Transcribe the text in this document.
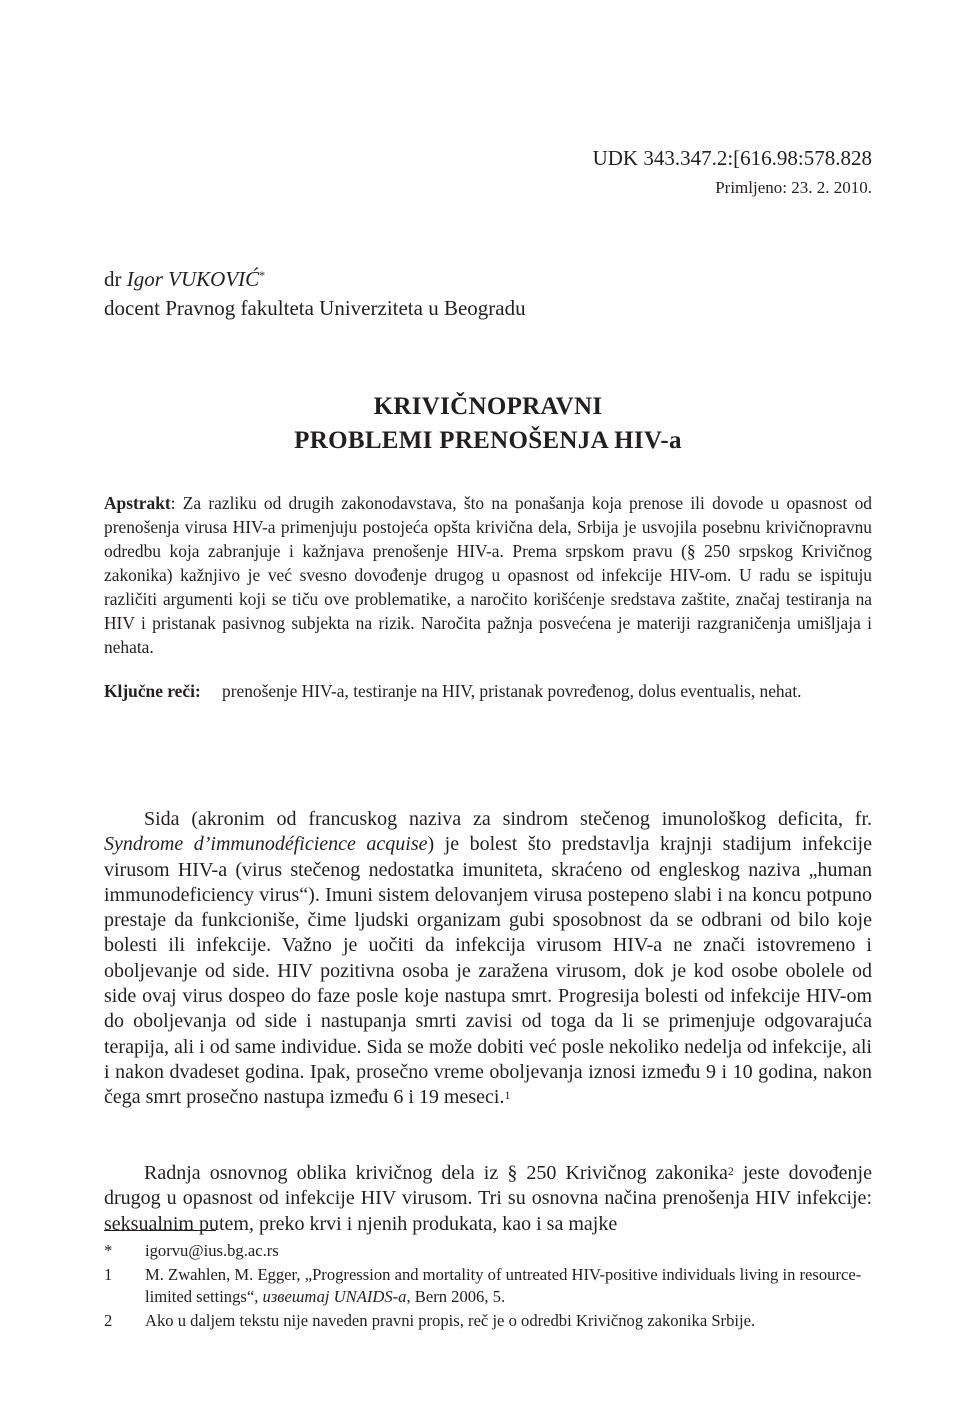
UDK 343.347.2:[616.98:578.828
Primljeno: 23. 2. 2010.
dr Igor VUKOVIĆ*
docent Pravnog fakulteta Univerziteta u Beogradu
KRIVIČNOPRAVNI
PROBLEMI PRENOŠENJA HIV-a
Apstrakt: Za razliku od drugih zakonodavstava, što na ponašanja koja prenose ili dovode u opasnost od prenošenja virusa HIV-a primenjuju postojeća opšta krivična dela, Srbija je usvojila posebnu krivičnopravnu odredbu koja zabranjuje i kažnjava prenošenje HIV-a. Prema srpskom pravu (§ 250 srpskog Krivičnog zakonika) kažnjivo je već svesno dovođenje drugog u opasnost od infekcije HIV-om. U radu se ispituju različiti argumenti koji se tiču ove problematike, a naročito korišćenje sredstava zaštite, značaj testiranja na HIV i pristanak pasivnog subjekta na rizik. Naročita pažnja posvećena je materiji razgraničenja umišljaja i nehata.
Ključne reči: prenošenje HIV-a, testiranje na HIV, pristanak povređenog, dolus eventualis, nehat.
Sida (akronim od francuskog naziva za sindrom stečenog imunološkog deficita, fr. Syndrome d’immunodéficience acquise) je bolest što predstavlja krajnji stadijum infekcije virusom HIV-a (virus stečenog nedostatka imuniteta, skraćeno od engleskog naziva „human immunodeficiency virus“). Imuni sistem delovanjem virusa postepeno slabi i na koncu potpuno prestaje da funkcioniše, čime ljudski organizam gubi sposobnost da se odbrani od bilo koje bolesti ili infekcije. Važno je uočiti da infekcija virusom HIV-a ne znači istovremeno i oboljevanje od side. HIV pozitivna osoba je zaražena virusom, dok je kod osobe obolele od side ovaj virus dospeo do faze posle koje nastupa smrt. Progresija bolesti od infekcije HIV-om do oboljevanja od side i nastupanja smrti zavisi od toga da li se primenjuje odgovarajuća terapija, ali i od same individue. Sida se može dobiti već posle nekoliko nedelja od infekcije, ali i nakon dvadeset godina. Ipak, prosečno vreme oboljevanja iznosi između 9 i 10 godina, nakon čega smrt prosečno nastupa između 6 i 19 meseci.$^1$
Radnja osnovnog oblika krivičnog dela iz § 250 Krivičnog zakonika$^2$ jeste dovođenje drugog u opasnost od infekcije HIV virusom. Tri su osnovna načina prenošenja HIV infekcije: seksualnim putem, preko krvi i njenih produkata, kao i sa majke
* igorvu@ius.bg.ac.rs
1 M. Zwahlen, M. Egger, „Progression and mortality of untreated HIV-positive individuals living in resource-limited settings“, извештај UNAIDS-a, Bern 2006, 5.
2 Ako u daljem tekstu nije naveden pravni propis, reč je o odredbi Krivičnog zakonika Srbije.
